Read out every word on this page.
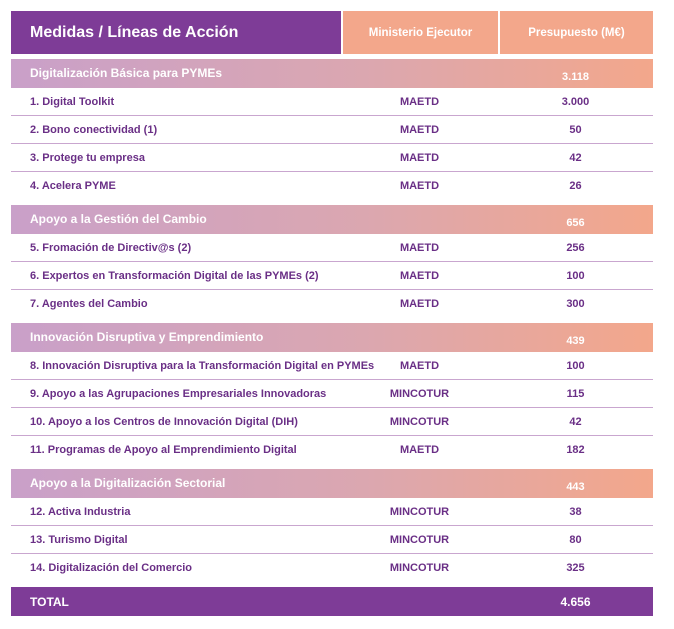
Medidas / Líneas de Acción	Ministerio Ejecutor	Presupuesto (M€)
Digitalización Básica para PYMEs	3.118
1. Digital Toolkit	MAETD	3.000
2. Bono conectividad (1)	MAETD	50
3. Protege tu empresa	MAETD	42
4. Acelera PYME	MAETD	26
Apoyo a la Gestión del Cambio	656
5. Fromación de Directiv@s (2)	MAETD	256
6. Expertos en Transformación Digital de las PYMEs (2)	MAETD	100
7. Agentes del Cambio	MAETD	300
Innovación Disruptiva y Emprendimiento	439
8. Innovación Disruptiva para la Transformación Digital en PYMEs	MAETD	100
9. Apoyo a las Agrupaciones Empresariales Innovadoras	MINCOTUR	115
10. Apoyo a los Centros de Innovación Digital (DIH)	MINCOTUR	42
11. Programas de Apoyo al Emprendimiento Digital	MAETD	182
Apoyo a la Digitalización Sectorial	443
12. Activa Industria	MINCOTUR	38
13. Turismo Digital	MINCOTUR	80
14. Digitalización del Comercio	MINCOTUR	325
TOTAL	4.656
